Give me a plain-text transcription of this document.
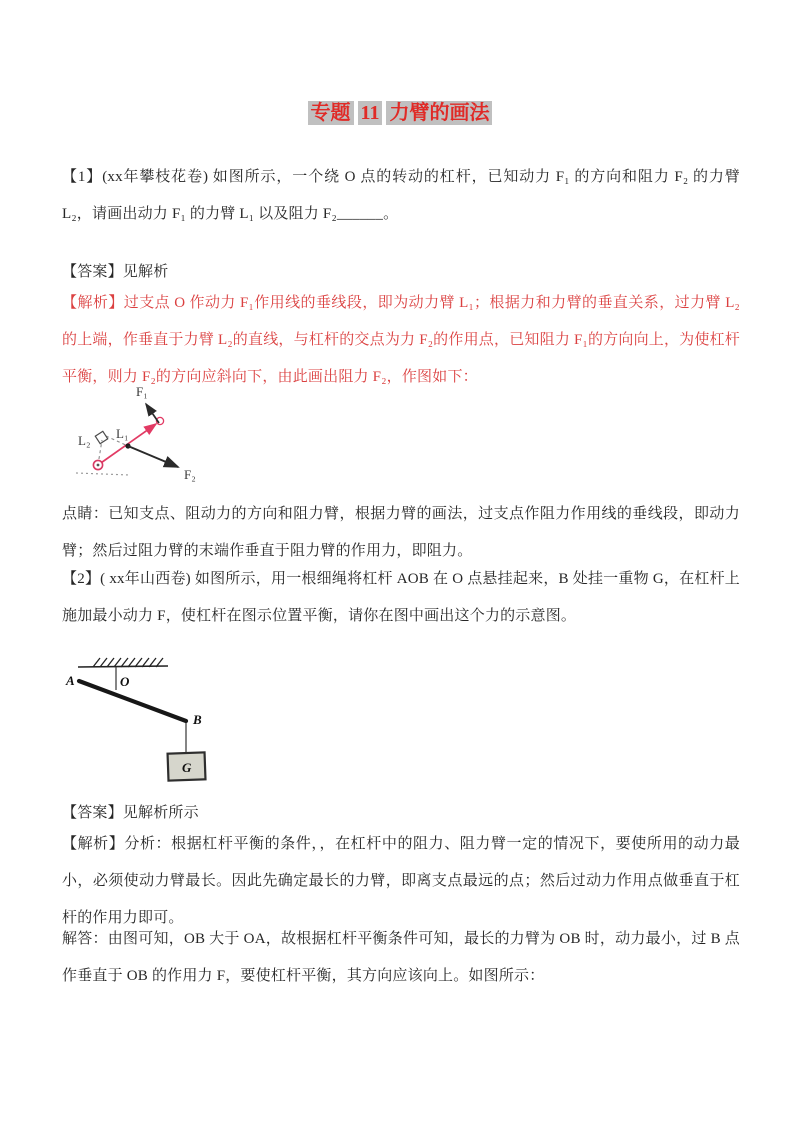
专题 11 力臂的画法
【1】(xx年攀枝花卷) 如图所示，一个绕 O 点的转动的杠杆，已知动力 F₁ 的方向和阻力 F₂ 的力臂 L₂，请画出动力 F₁ 的力臂 L₁ 以及阻力 F₂______。
【答案】见解析
【解析】过支点 O 作动力 F₁作用线的垂线段，即为动力臂 L₁；根据力和力臂的垂直关系，过力臂 L₂的上端，作垂直于力臂 L₂的直线，与杠杆的交点为力 F₂的作用点，已知阻力 F₁的方向向上，为使杠杆平衡，则力 F₂的方向应斜向下，由此画出阻力 F₂，作图如下：
F₁
F₂
L₁
L₂
点睛：已知支点、阻动力的方向和阻力臂，根据力臂的画法，过支点作阻力作用线的垂线段，即动力臂；然后过阻力臂的末端作垂直于阻力臂的作用力，即阻力。
【2】( xx年山西卷) 如图所示，用一根细绳将杠杆 AOB 在 O 点悬挂起来，B 处挂一重物 G，在杠杆上施加最小动力 F，使杠杆在图示位置平衡，请你在图中画出这个力的示意图。
A	O
B
G
【答案】见解析所示
【解析】分析：根据杠杆平衡的条件，，在杠杆中的阻力、阻力臂一定的情况下，要使所用的动力最小，必须使动力臂最长。因此先确定最长的力臂，即离支点最远的点；然后过动力作用点做垂直于杠杆的作用力即可。
解答：由图可知，OB 大于 OA，故根据杠杆平衡条件可知，最长的力臂为 OB 时，动力最小，过 B 点作垂直于 OB 的作用力 F，要使杠杆平衡，其方向应该向上。如图所示：
